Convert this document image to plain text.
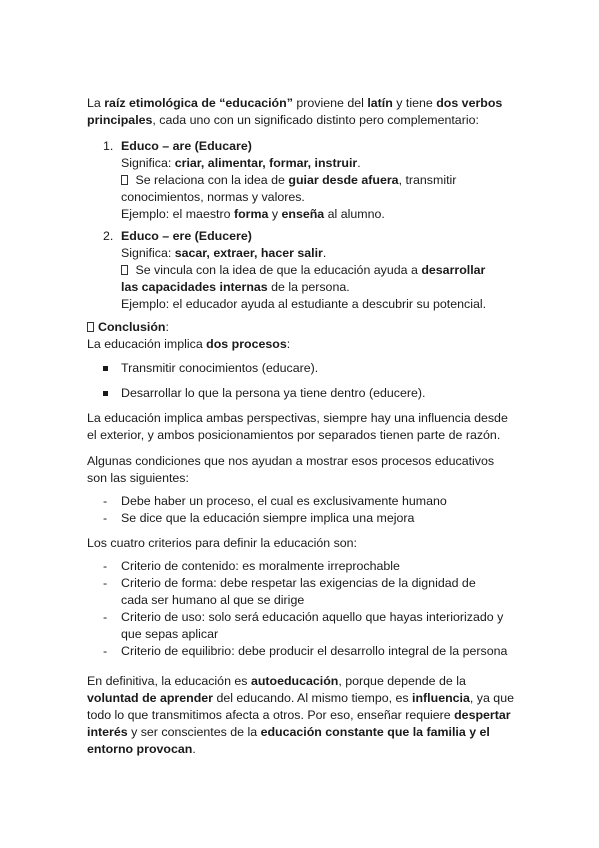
La raíz etimológica de “educación” proviene del latín y tiene dos verbos principales, cada uno con un significado distinto pero complementario:

1. Educo – are (Educare)
Significa: criar, alimentar, formar, instruir.
Se relaciona con la idea de guiar desde afuera, transmitir conocimientos, normas y valores.
Ejemplo: el maestro forma y enseña al alumno.
2. Educo – ere (Educere)
Significa: sacar, extraer, hacer salir.
Se vincula con la idea de que la educación ayuda a desarrollar las capacidades internas de la persona.
Ejemplo: el educador ayuda al estudiante a descubrir su potencial.
Conclusión:
La educación implica dos procesos:
Transmitir conocimientos (educare).
Desarrollar lo que la persona ya tiene dentro (educere).

La educación implica ambas perspectivas, siempre hay una influencia desde el exterior, y ambos posicionamientos por separados tienen parte de razón.

Algunas condiciones que nos ayudan a mostrar esos procesos educativos son las siguientes:

- Debe haber un proceso, el cual es exclusivamente humano
- Se dice que la educación siempre implica una mejora

Los cuatro criterios para definir la educación son:

- Criterio de contenido: es moralmente irreprochable
- Criterio de forma: debe respetar las exigencias de la dignidad de cada ser humano al que se dirige
- Criterio de uso: solo será educación aquello que hayas interiorizado y que sepas aplicar
- Criterio de equilibrio: debe producir el desarrollo integral de la persona

En definitiva, la educación es autoeducación, porque depende de la voluntad de aprender del educando. Al mismo tiempo, es influencia, ya que todo lo que transmitimos afecta a otros. Por eso, enseñar requiere despertar interés y ser conscientes de la educación constante que la familia y el entorno provocan.
